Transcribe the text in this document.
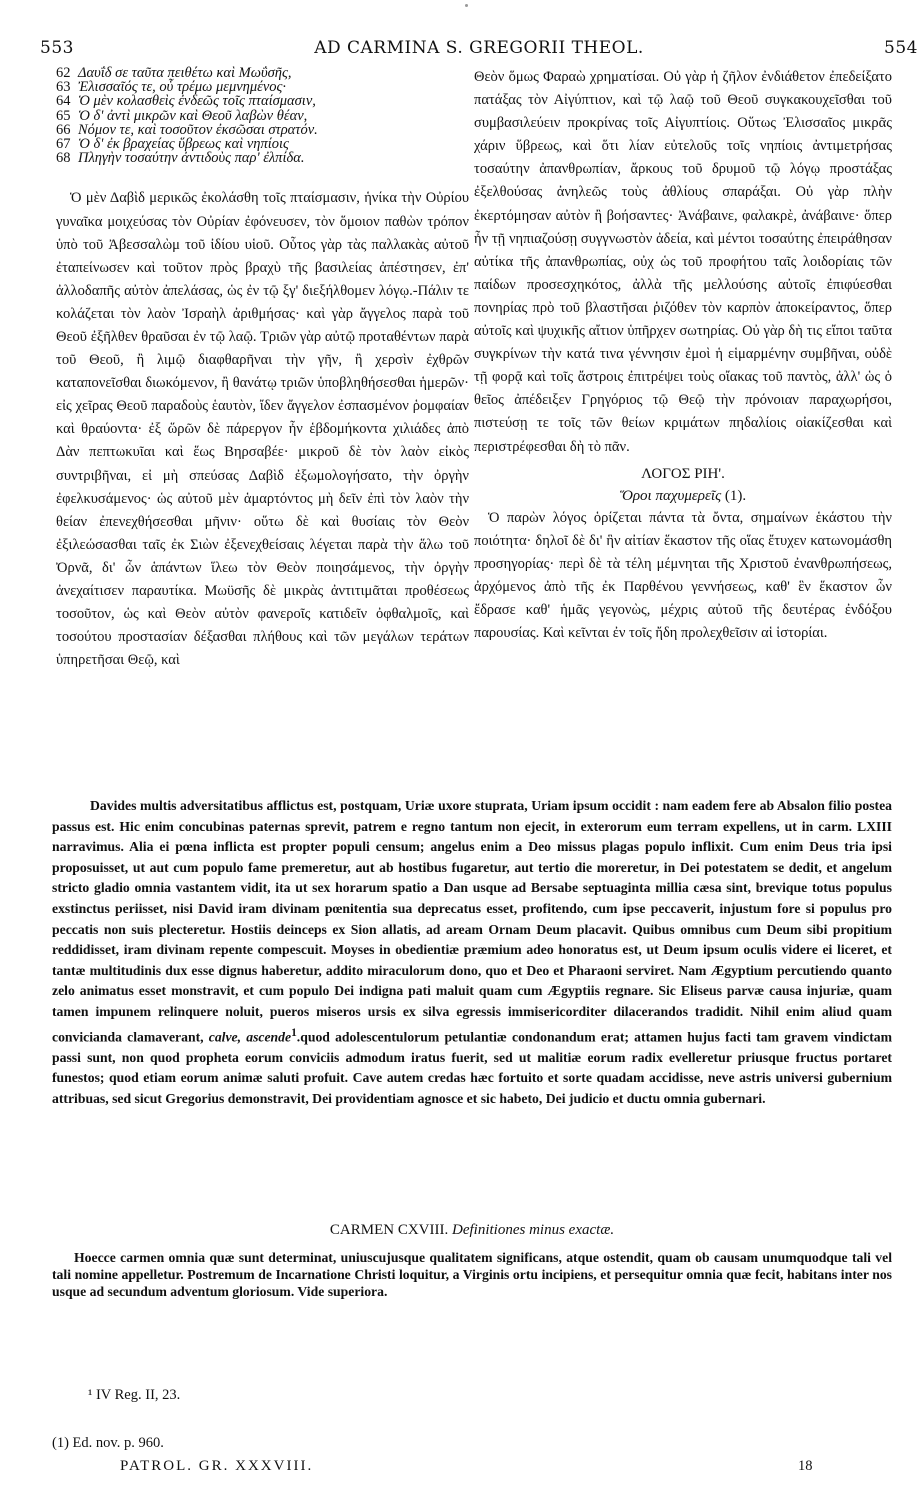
553	AD CARMINA S. GREGORII THEOL.	554
62 Δαυΐδ σε ταῦτα πειθέτω καὶ Μωΰσῆς,
63 Ἐλισσαῖός τε, οὗ τρέμω μεμνημένος·
64 Ὁ μὲν κολασθεὶς ἐνδεῶς τοῖς πταίσμασιν,
65 Ὁ δ' ἀντὶ μικρῶν καὶ Θεοῦ λαβὼν θέαν,
66 Νόμον τε, καὶ τοσοῦτον ἐκσῶσαι στρατόν.
67 Ὁ δ' ἐκ βραχείας ὕβρεως καὶ νηπίοις
68 Πληγὴν τοσαύτην ἀντιδοὺς παρ' ἐλπίδα.

Ὁ μὲν Δαβὶδ μερικῶς ἐκολάσθη τοῖς πταίσμασιν, ἡνίκα τὴν Οὐρίου γυναῖκα μοιχεύσας τὸν Οὐρίαν ἐφόνευσεν, τὸν ὅμοιον παθὼν τρόπον ὑπὸ τοῦ Ἀβεσσαλὼμ τοῦ ἰδίου υἱοῦ. Οὗτος γὰρ τὰς παλλακὰς αὐτοῦ ἐταπείνωσεν καὶ τοῦτον πρὸς βραχὺ τῆς βασιλείας ἀπέστησεν, ἐπ' ἀλλοδαπῆς αὐτὸν ἀπελάσας, ὡς ἐν τῷ ξγ' διεξήλθομεν λόγῳ.-Πάλιν τε κολάζεται τὸν λαὸν Ἰσραὴλ ἀριθμήσας· καὶ γὰρ ἄγγελος παρὰ τοῦ Θεοῦ ἐξῆλθεν θραῦσαι ἐν τῷ λαῷ. Τριῶν γὰρ αὐτῷ προταθέντων παρὰ τοῦ Θεοῦ, ἢ λιμῷ διαφθαρῆναι τὴν γῆν, ἢ χερσὶν ἐχθρῶν καταπονεῖσθαι διωκόμενον, ἢ θανάτῳ τριῶν ὑποβληθήσεσθαι ἡμερῶν· εἰς χεῖρας Θεοῦ παραδοὺς ἑαυτὸν, ἴδεν ἄγγελον ἐσπασμένον ῥομφαίαν καὶ θραύοντα· ἐξ ὥρῶν δὲ πάρεργον ἦν ἑβδομήκοντα χιλιάδες ἀπὸ Δὰν πεπτωκυῖαι καὶ ἕως Βηρσαβέε· μικροῦ δὲ τὸν λαὸν εἰκὸς συντριβῆναι, εἰ μὴ σπεύσας Δαβὶδ ἐξωμολογήσατο, τὴν ὀργὴν ἐφελκυσάμενος· ὡς αὐτοῦ μὲν ἁμαρτόντος μὴ δεῖν ἐπὶ τὸν λαὸν τὴν θείαν ἐπενεχθήσεσθαι μῆνιν· οὕτω δὲ καὶ θυσίαις τὸν Θεὸν ἐξιλεώσασθαι ταῖς ἐκ Σιὼν ἐξενεχθείσαις λέγεται παρὰ τὴν ἅλω τοῦ Ὀρνᾶ, δι' ὧν ἁπάντων ἵλεω τὸν Θεὸν ποιησάμενος, τὴν ὀργὴν ἀνεχαίτισεν παραυτίκα. Μωϋσῆς δὲ μικρὰς ἀντιτιμᾶται προθέσεως τοσοῦτον, ὡς καὶ Θεὸν αὐτὸν φανεροῖς κατιδεῖν ὀφθαλμοῖς, καὶ τοσούτου προστασίαν δέξασθαι πλήθους καὶ τῶν μεγάλων τεράτων ὑπηρετῆσαι Θεῷ, καὶ

Θεὸν ὅμως Φαραὼ χρηματίσαι. Οὐ γὰρ ἡ ζῆλον ἐνδιάθετον ἐπεδείξατο πατάξας τὸν Αἰγύπτιον, καὶ τῷ λαῷ τοῦ Θεοῦ συγκακουχεῖσθαι τοῦ συμβασιλεύειν προκρίνας τοῖς Αἰγυπτίοις. Οὕτως Ἐλισσαῖος μικρᾶς χάριν ὕβρεως, καὶ ὅτι λίαν εὐτελοῦς τοῖς νηπίοις ἀντιμετρήσας τοσαύτην ἀπανθρωπίαν, ἄρκους τοῦ δρυμοῦ τῷ λόγῳ προστάξας ἐξελθούσας ἀνηλεῶς τοὺς ἀθλίους σπαράξαι. Οὐ γὰρ πλὴν ἐκερτόμησαν αὐτὸν ἢ βοήσαντες· Ἀνάβαινε, φαλακρὲ, ἀνάβαινε· ὅπερ ἦν τῇ νηπιαζούσῃ συγγνωστὸν ἀδεία, καὶ μέντοι τοσαύτης ἐπειράθησαν αὐτίκα τῆς ἀπανθρωπίας, οὐχ ὡς τοῦ προφήτου ταῖς λοιδορίαις τῶν παίδων προσεσχηκότος, ἀλλὰ τῆς μελλούσης αὐτοῖς ἐπιφύεσθαι πονηρίας πρὸ τοῦ βλαστῆσαι ῥιζόθεν τὸν καρπὸν ἀποκείραντος, ὅπερ αὐτοῖς καὶ ψυχικῆς αἴτιον ὑπῆρχεν σωτηρίας. Οὐ γὰρ δὴ τις εἴποι ταῦτα συγκρίνων τὴν κατά τινα γέννησιν ἐμοὶ ἡ εἱμαρμένην συμβῆναι, οὐδὲ τῇ φορᾷ καὶ τοῖς ἄστροις ἐπιτρέψει τοὺς οἴακας τοῦ παντὸς, ἀλλ' ὡς ὁ θεῖος ἀπέδειξεν Γρηγόριος τῷ Θεῷ τὴν πρόνοιαν παραχωρήσοι, πιστεύσῃ τε τοῖς τῶν θείων κριμάτων πηδαλίοις οἰακίζεσθαι καὶ περιστρέφεσθαι δὴ τὸ πᾶν.

ΛΟΓΟΣ ΡΙΗ'.
Ὅροι παχυμερεῖς (1).

Ὁ παρὼν λόγος ὁρίζεται πάντα τὰ ὄντα, σημαίνων ἑκάστου τὴν ποιότητα· δηλοῖ δὲ δι' ἣν αἰτίαν ἕκαστον τῆς οἵας ἔτυχεν κατωνομάσθη προσηγορίας· περὶ δὲ τὰ τέλη μέμνηται τῆς Χριστοῦ ἐνανθρωπήσεως, ἀρχόμενος ἀπὸ τῆς ἐκ Παρθένου γεννήσεως, καθ' ἓν ἕκαστον ὧν ἔδρασε καθ' ἡμᾶς γεγονὼς, μέχρις αὐτοῦ τῆς δευτέρας ἐνδόξου παρουσίας. Καὶ κεῖνται ἐν τοῖς ἤδη προλεχθεῖσιν αἱ ἱστορίαι.

Davides multis adversitatibus afflictus est, postquam, Uriæ uxore stuprata, Uriam ipsum occidit : nam eadem fere ab Absalon filio postea passus est. Hic enim concubinas paternas sprevit, patrem e regno tantum non ejecit, in exterorum eum terram expellens, ut in carm. LXIII narravimus. Alia ei pœna inflicta est propter populi censum; angelus enim a Deo missus plagas populo inflixit. Cum enim Deus tria ipsi proposuisset, ut aut cum populo fame premeretur, aut ab hostibus fugaretur, aut tertio die moreretur, in Dei potestatem se dedit, et angelum stricto gladio omnia vastantem vidit, ita ut sex horarum spatio a Dan usque ad Bersabe septuaginta millia cæsa sint, brevique totus populus exstinctus periisset, nisi David iram divinam pœnitentia sua deprecatus esset, profitendo, cum ipse peccaverit, injustum fore si populus pro peccatis non suis plecteretur. Hostiis deinceps ex Sion allatis, ad aream Ornam Deum placavit. Quibus omnibus cum Deum sibi propitium reddidisset, iram divinam repente compescuit. Moyses in obedientiæ præmium adeo honoratus est, ut Deum ipsum oculis videre ei liceret, et tantæ multitudinis dux esse dignus haberetur, addito miraculorum dono, quo et Deo et Pharaoni serviret. Nam Ægyptium percutiendo quanto zelo animatus esset monstravit, et cum populo Dei indigna pati maluit quam cum Ægyptiis regnare. Sic Eliseus parvæ causa injuriæ, quam tamen impunem relinquere noluit, pueros miseros ursis ex silva egressis immisericorditer dilacerandos tradidit. Nihil enim aliud quam convicianda clamaverant, calve, ascende$^1$.quod adolescentulorum petulantiæ condonandum erat; attamen hujus facti tam gravem vindictam passi sunt, non quod propheta eorum conviciis admodum iratus fuerit, sed ut malitiæ eorum radix evelleretur priusque fructus portaret funestos; quod etiam eorum animæ saluti profuit. Cave autem credas hæc fortuito et sorte quadam accidisse, neve astris universi gubernium attribuas, sed sicut Gregorius demonstravit, Dei providentiam agnosce et sic habeto, Dei judicio et ductu omnia gubernari.
CARMEN CXVIII. Definitiones minus exactæ.
Hoecce carmen omnia quæ sunt determinat, uniuscujusque qualitatem significans, atque ostendit, quam ob causam unumquodque tali vel tali nomine appelletur. Postremum de Incarnatione Christi loquitur, a Virginis ortu incipiens, et persequitur omnia quæ fecit, habitans inter nos usque ad secundum adventum gloriosum. Vide superiora.
¹ IV Reg. II, 23.
(1) Ed. nov. p. 960.
PATROL. GR. XXXVIII.	18
